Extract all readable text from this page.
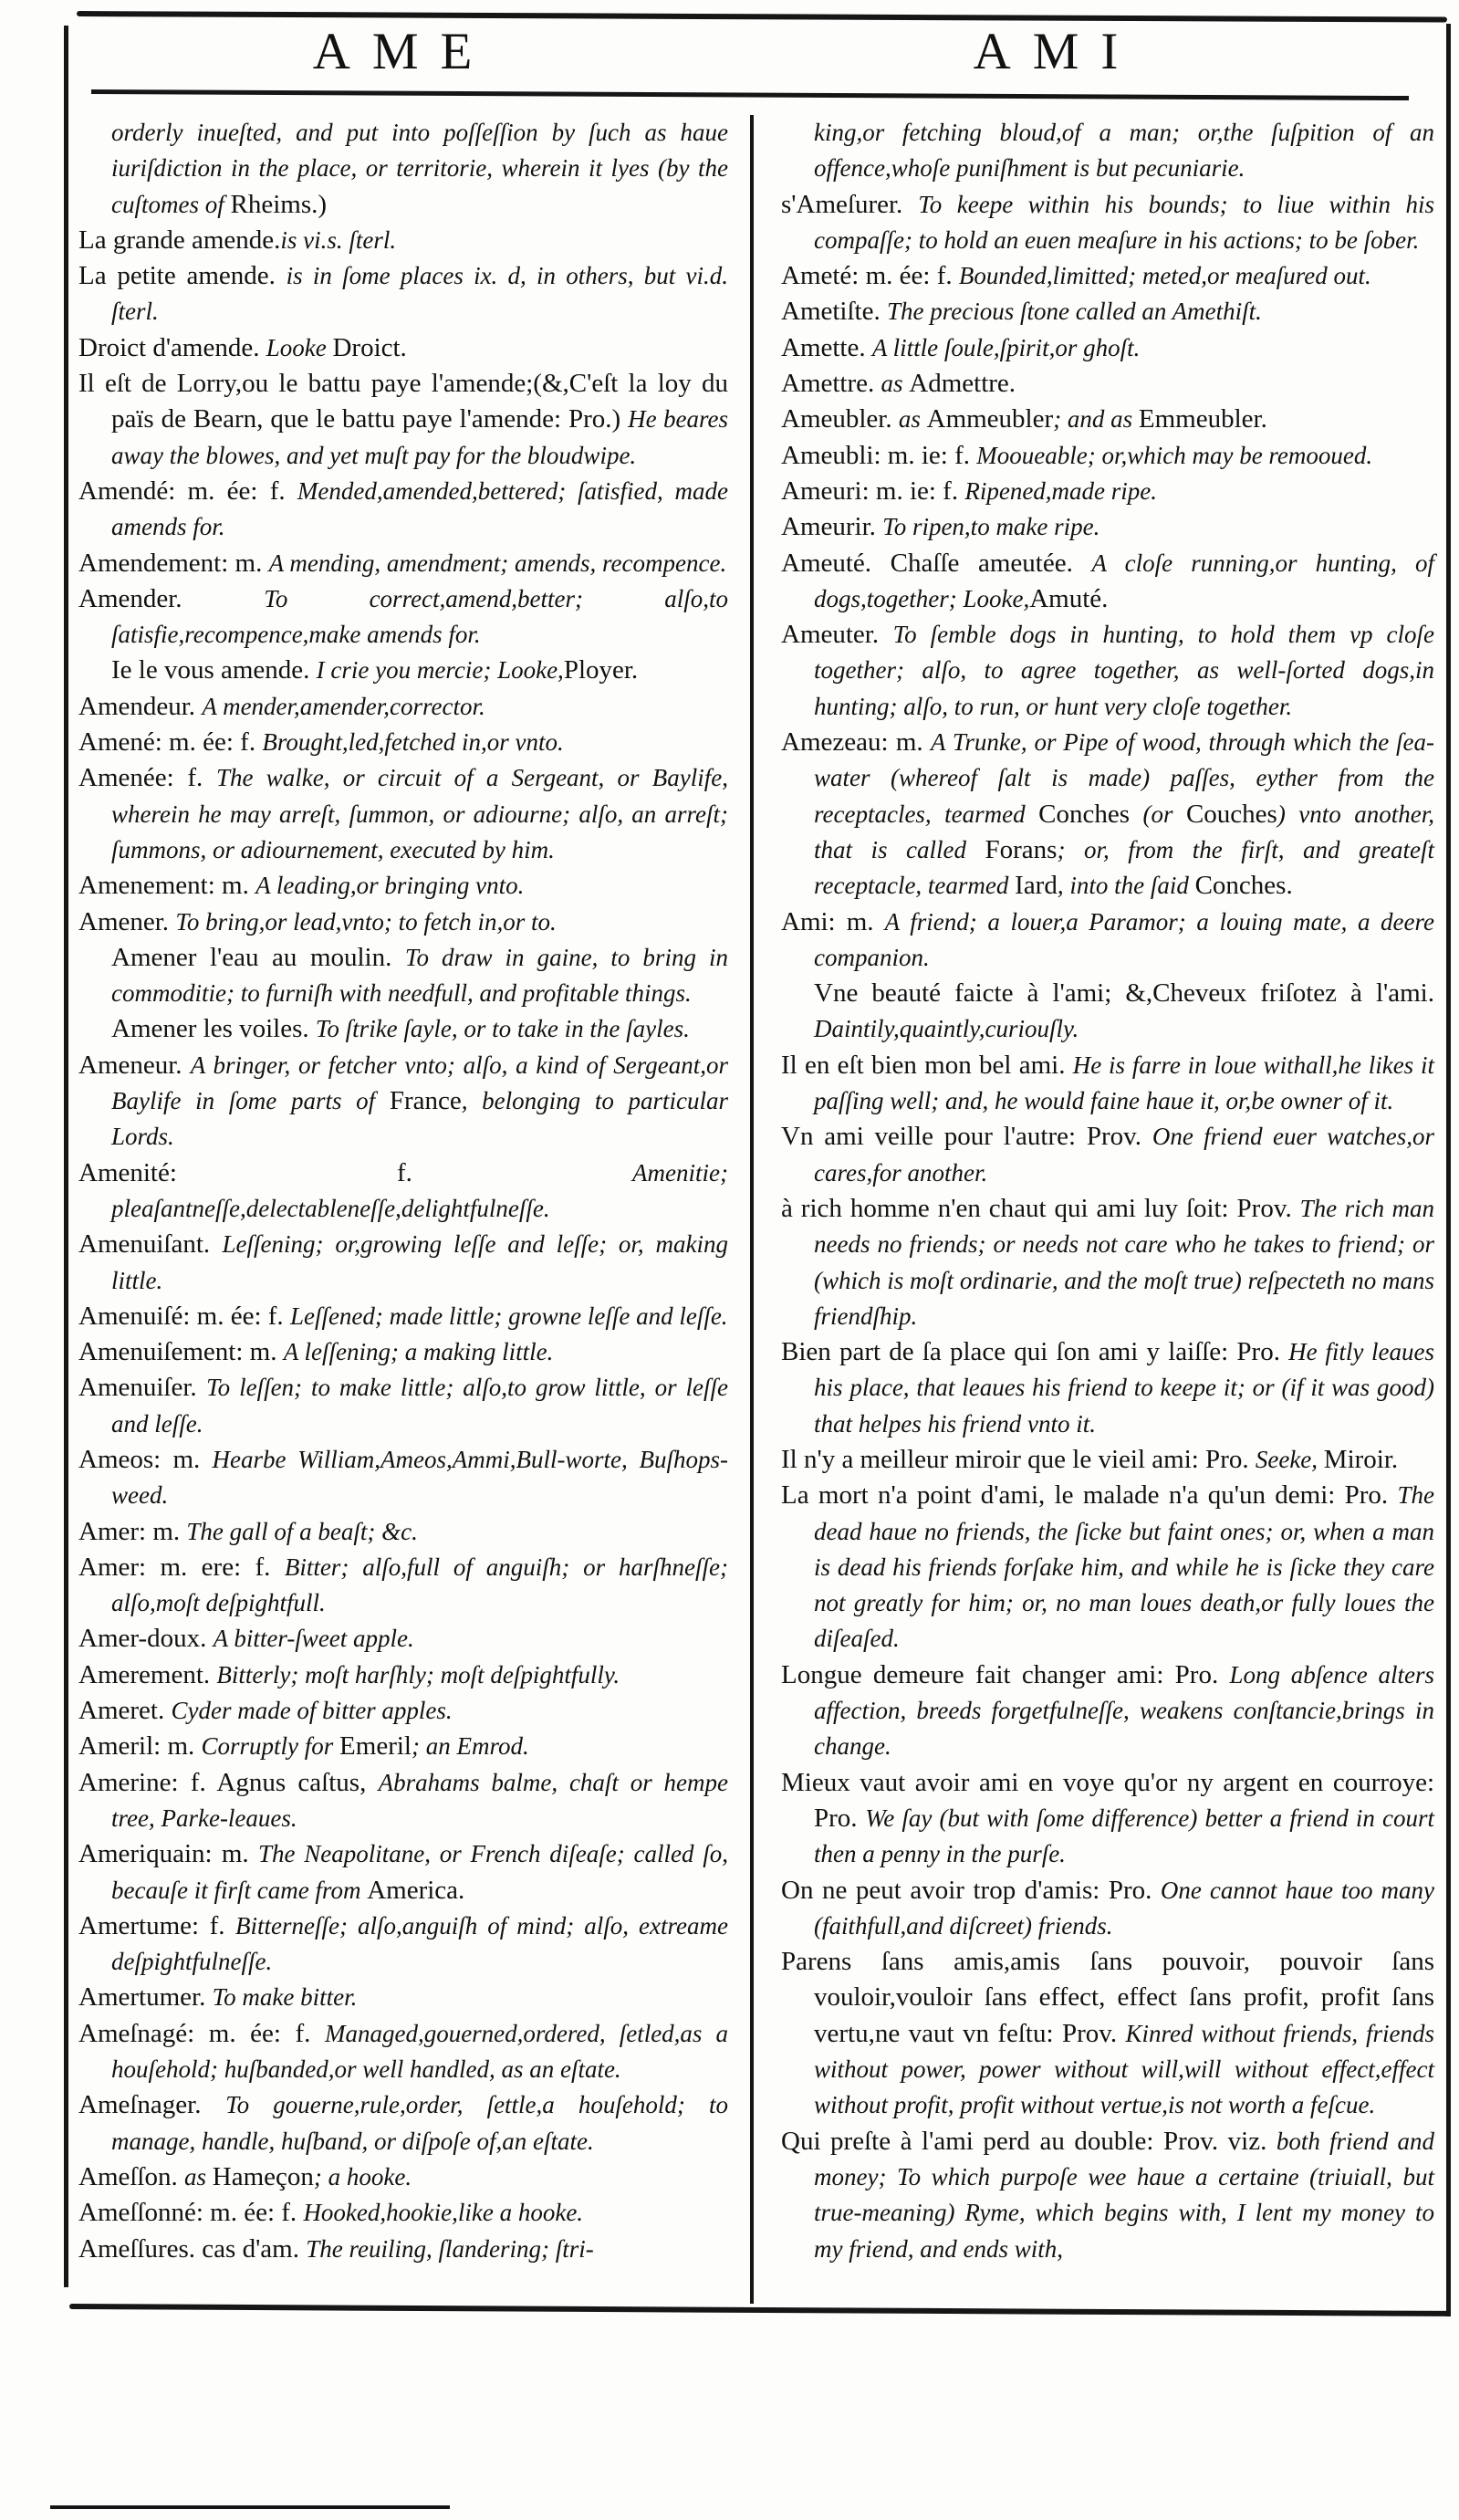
AME	AMI

orderly inueſted, and put into poſſeſſion by ſuch as haue iuriſdiction in the place, or territorie, wherein it lyes (by the cuſtomes of Rheims.)

La grande amende.is vi.s. ſterl.

La petite amende. is in ſome places ix. d, in others, but vi.d. ſterl.

Droict d'amende. Looke Droict.

Il eſt de Lorry,ou le battu paye l'amende;(&,C'eſt la loy du païs de Bearn, que le battu paye l'amende: Pro.) He beares away the blowes, and yet muſt pay for the bloudwipe.

Amendé: m. ée: f. Mended,amended,bettered; ſatisfied, made amends for.

Amendement: m. A mending, amendment; amends, recompence.

Amender. To correct,amend,better; alſo,to ſatisfie,recompence,make amends for.

Ie le vous amende. I crie you mercie; Looke,Ployer.

Amendeur. A mender,amender,corrector.

Amené: m. ée: f. Brought,led,fetched in,or vnto.

Amenée: f. The walke, or circuit of a Sergeant, or Baylife, wherein he may arreſt, ſummon, or adiourne; alſo, an arreſt; ſummons, or adiournement, executed by him.

Amenement: m. A leading,or bringing vnto.

Amener. To bring,or lead,vnto; to fetch in,or to.

Amener l'eau au moulin. To draw in gaine, to bring in commoditie; to furniſh with needfull, and profitable things.

Amener les voiles. To ſtrike ſayle, or to take in the ſayles.

Ameneur. A bringer, or fetcher vnto; alſo, a kind of Sergeant,or Baylife in ſome parts of France, belonging to particular Lords.

Amenité: f. Amenitie; pleaſantneſſe,delectableneſſe,delightfulneſſe.

Amenuiſant. Leſſening; or,growing leſſe and leſſe; or, making little.

Amenuiſé: m. ée: f. Leſſened; made little; growne leſſe and leſſe.

Amenuiſement: m. A leſſening; a making little.

Amenuiſer. To leſſen; to make little; alſo,to grow little, or leſſe and leſſe.

Ameos: m. Hearbe William,Ameos,Ammi,Bull-worte, Buſhops-weed.

Amer: m. The gall of a beaſt; &c.

Amer: m. ere: f. Bitter; alſo,full of anguiſh; or harſhneſſe; alſo,moſt deſpightfull.

Amer-doux. A bitter-ſweet apple.

Amerement. Bitterly; moſt harſhly; moſt deſpightfully.

Ameret. Cyder made of bitter apples.

Ameril: m. Corruptly for Emeril; an Emrod.

Amerine: f. Agnus caſtus, Abrahams balme, chaſt or hempe tree, Parke-leaues.

Ameriquain: m. The Neapolitane, or French diſeaſe; called ſo, becauſe it firſt came from America.

Amertume: f. Bitterneſſe; alſo,anguiſh of mind; alſo, extreame deſpightfulneſſe.

Amertumer. To make bitter.

Ameſnagé: m. ée: f. Managed,gouerned,ordered, ſetled,as a houſehold; huſbanded,or well handled, as an eſtate.

Ameſnager. To gouerne,rule,order, ſettle,a houſehold; to manage, handle, huſband, or diſpoſe of,an eſtate.

Ameſſon. as Hameçon; a hooke.

Ameſſonné: m. ée: f. Hooked,hookie,like a hooke.

Ameſſures. cas d'am. The reuiling, ſlandering; ſtri-

king,or fetching bloud,of a man; or,the ſuſpition of an offence,whoſe puniſhment is but pecuniarie.

s'Ameſurer. To keepe within his bounds; to liue within his compaſſe; to hold an euen meaſure in his actions; to be ſober.

Ameté: m. ée: f. Bounded,limitted; meted,or meaſured out.

Ametiſte. The precious ſtone called an Amethiſt.

Amette. A little ſoule,ſpirit,or ghoſt.

Amettre. as Admettre.

Ameubler. as Ammeubler; and as Emmeubler.

Ameubli: m. ie: f. Mooueable; or,which may be remooued.

Ameuri: m. ie: f. Ripened,made ripe.

Ameurir. To ripen,to make ripe.

Ameuté. Chaſſe ameutée. A cloſe running,or hunting, of dogs,together; Looke,Amuté.

Ameuter. To ſemble dogs in hunting, to hold them vp cloſe together; alſo, to agree together, as well-ſorted dogs,in hunting; alſo, to run, or hunt very cloſe together.

Amezeau: m. A Trunke, or Pipe of wood, through which the ſea-water (whereof ſalt is made) paſſes, eyther from the receptacles, tearmed Conches (or Couches) vnto another, that is called Forans; or, from the firſt, and greateſt receptacle, tearmed Iard, into the ſaid Conches.

Ami: m. A friend; a louer,a Paramor; a louing mate, a deere companion.

Vne beauté faicte à l'ami; &,Cheveux friſotez à l'ami. Daintily,quaintly,curiouſly.

Il en eſt bien mon bel ami. He is farre in loue withall,he likes it paſſing well; and, he would faine haue it, or,be owner of it.

Vn ami veille pour l'autre: Prov. One friend euer watches,or cares,for another.

à rich homme n'en chaut qui ami luy ſoit: Prov. The rich man needs no friends; or needs not care who he takes to friend; or (which is moſt ordinarie, and the moſt true) reſpecteth no mans friendſhip.

Bien part de ſa place qui ſon ami y laiſſe: Pro. He fitly leaues his place, that leaues his friend to keepe it; or (if it was good) that helpes his friend vnto it.

Il n'y a meilleur miroir que le vieil ami: Pro. Seeke, Miroir.

La mort n'a point d'ami, le malade n'a qu'un demi: Pro. The dead haue no friends, the ſicke but faint ones; or, when a man is dead his friends forſake him, and while he is ſicke they care not greatly for him; or, no man loues death,or fully loues the diſeaſed.

Longue demeure fait changer ami: Pro. Long abſence alters affection, breeds forgetfulneſſe, weakens conſtancie,brings in change.

Mieux vaut avoir ami en voye qu'or ny argent en courroye: Pro. We ſay (but with ſome difference) better a friend in court then a penny in the purſe.

On ne peut avoir trop d'amis: Pro. One cannot haue too many (faithfull,and diſcreet) friends.

Parens ſans amis,amis ſans pouvoir, pouvoir ſans vouloir,vouloir ſans effect, effect ſans profit, profit ſans vertu,ne vaut vn feſtu: Prov. Kinred without friends, friends without power, power without will,will without effect,effect without profit, profit without vertue,is not worth a feſcue.

Qui preſte à l'ami perd au double: Prov. viz. both friend and money; To which purpoſe wee haue a certaine (triuiall, but true-meaning) Ryme, which begins with, I lent my money to my friend, and ends with,
